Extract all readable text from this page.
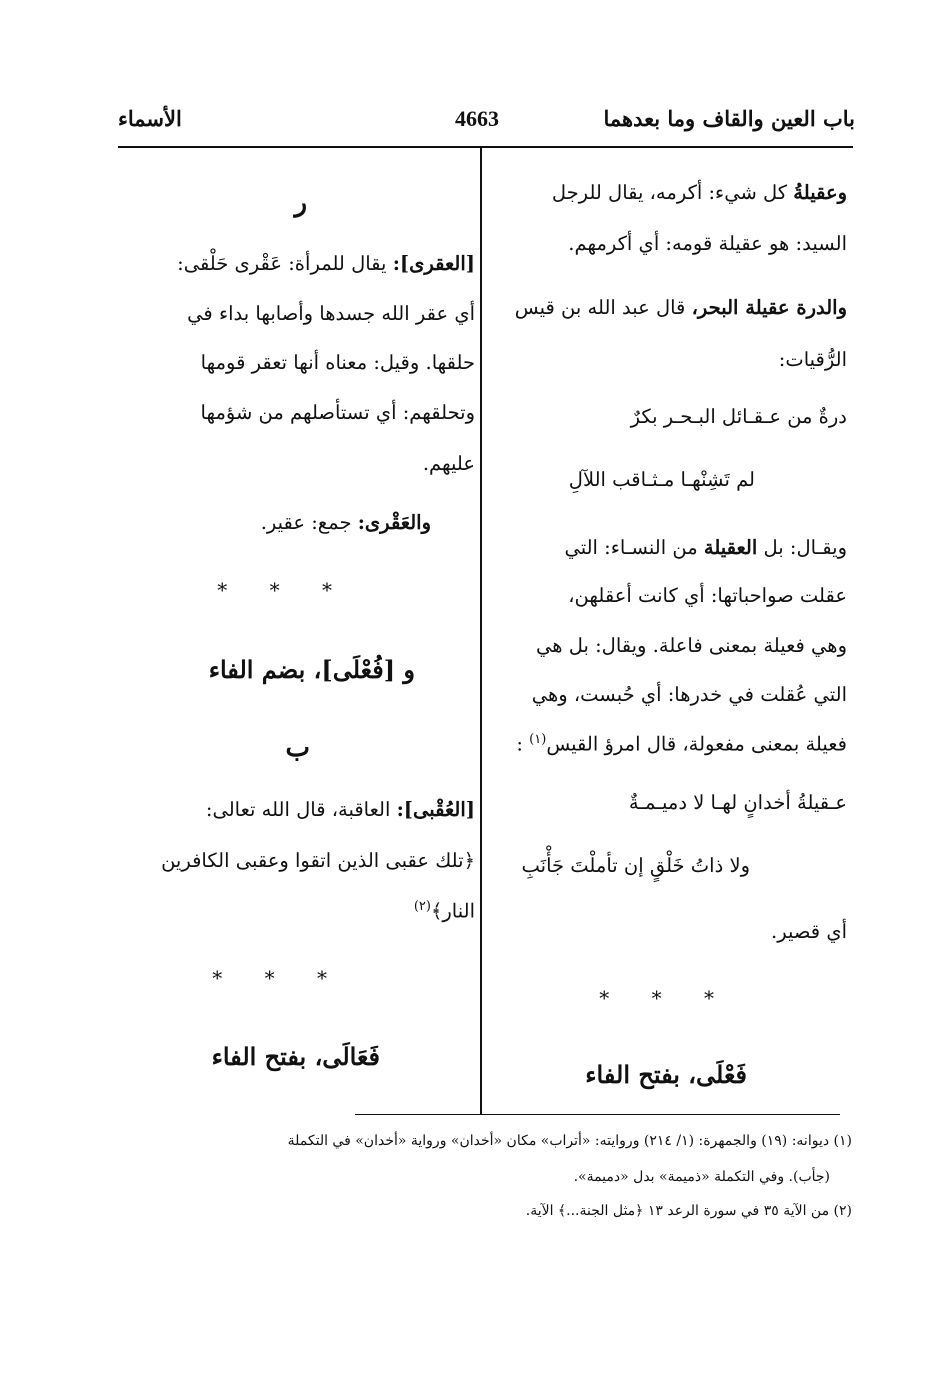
باب العين والقاف وما بعدهما
4663
الأسماء
وعقيلةُ كل شيء: أكرمه، يقال للرجل
السيد: هو عقيلة قومه: أي أكرمهم.
والدرة عقيلة البحر، قال عبد الله بن قيس
الرُّقيات:
درةٌ من عـقـائل البـحـر بكرٌ
لم تَشِنْهـا مـثـاقب اللآلِ
ويقـال: بل العقيلة من النسـاء: التي
عقلت صواحباتها: أي كانت أعقلهن،
وهي فعيلة بمعنى فاعلة. ويقال: بل هي
التي عُقلت في خدرها: أي حُبست، وهي
فعيلة بمعنى مفعولة، قال امرؤ القيس$^{(١)}$ :
عـقيلةُ أخدانٍ لهـا لا دميـمـةٌ
ولا ذاتُ خَلْقٍ إن تأملْتَ جَأْنَبِ
أي قصير.
* * *
فَعْلَى، بفتح الفاء
ر
[العقرى]: يقال للمرأة: عَقْرى حَلْقى:
أي عقر الله جسدها وأصابها بداء في
حلقها. وقيل: معناه أنها تعقر قومها
وتحلقهم: أي تستأصلهم من شؤمها
عليهم.
والعَقْرى: جمع: عقير.
* * *
و [فُعْلَى]، بضم الفاء
ب
[العُقْبى]: العاقبة، قال الله تعالى:
﴿تلك عقبى الذين اتقوا وعقبى الكافرين
النار﴾$^{(٢)}$
* * *
فَعَالَى، بفتح الفاء
(١) ديوانه: (١٩) والجمهرة: (١/ ٢١٤) وروايته: «أتراب» مكان «أخدان» ورواية «أخدان» في التكملة
(جأب). وفي التكملة «ذميمة» بدل «دميمة».
(٢) من الآية ٣٥ في سورة الرعد ١٣ ﴿مثل الجنة...﴾ الآية.
